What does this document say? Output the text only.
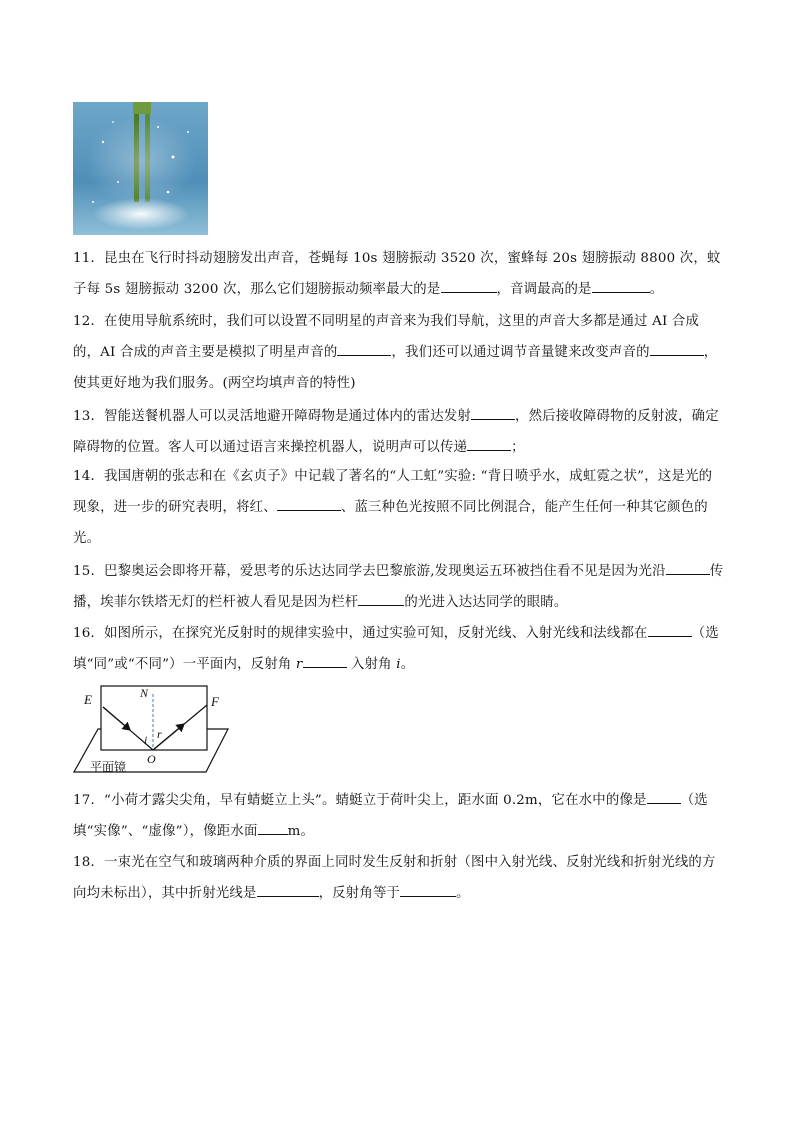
11．昆虫在飞行时抖动翅膀发出声音，苍蝇每 10s 翅膀振动 3520 次，蜜蜂每 20s 翅膀振动 8800 次，蚊子每 5s 翅膀振动 3200 次，那么它们翅膀振动频率最大的是	，音调最高的是	。
12．在使用导航系统时，我们可以设置不同明星的声音来为我们导航，这里的声音大多都是通过 AI 合成的，AI 合成的声音主要是模拟了明星声音的	，我们还可以通过调节音量键来改变声音的	，使其更好地为我们服务。(两空均填声音的特性)
13．智能送餐机器人可以灵活地避开障碍物是通过体内的雷达发射	，然后接收障碍物的反射波，确定障碍物的位置。客人可以通过语言来操控机器人，说明声可以传递	；
14．我国唐朝的张志和在《玄贞子》中记载了著名的“人工虹”实验: “背日喷乎水，成虹霓之状”，这是光的
现象，进一步的研究表明，将红、	、蓝三种色光按照不同比例混合，能产生任何一种其它颜色的光。
15．巴黎奥运会即将开幕，爱思考的乐达达同学去巴黎旅游,发现奥运五环被挡住看不见是因为光沿	传播，埃菲尔铁塔无灯的栏杆被人看见是因为栏杆	的光进入达达同学的眼睛。
16．如图所示，在探究光反射时的规律实验中，通过实验可知，反射光线、入射光线和法线都在	（选填“同”或“不同”）一平面内，反射角 r	入射角 i。
E	N
F
i r
O
平面镜
17．“小荷才露尖尖角，早有蜻蜓立上头”。蜻蜓立于荷叶尖上，距水面 0.2m，它在水中的像是	（选填“实像”、“虚像”），像距水面 m。
18．一束光在空气和玻璃两种介质的界面上同时发生反射和折射（图中入射光线、反射光线和折射光线的方向均未标出），其中折射光线是	，反射角等于	。
